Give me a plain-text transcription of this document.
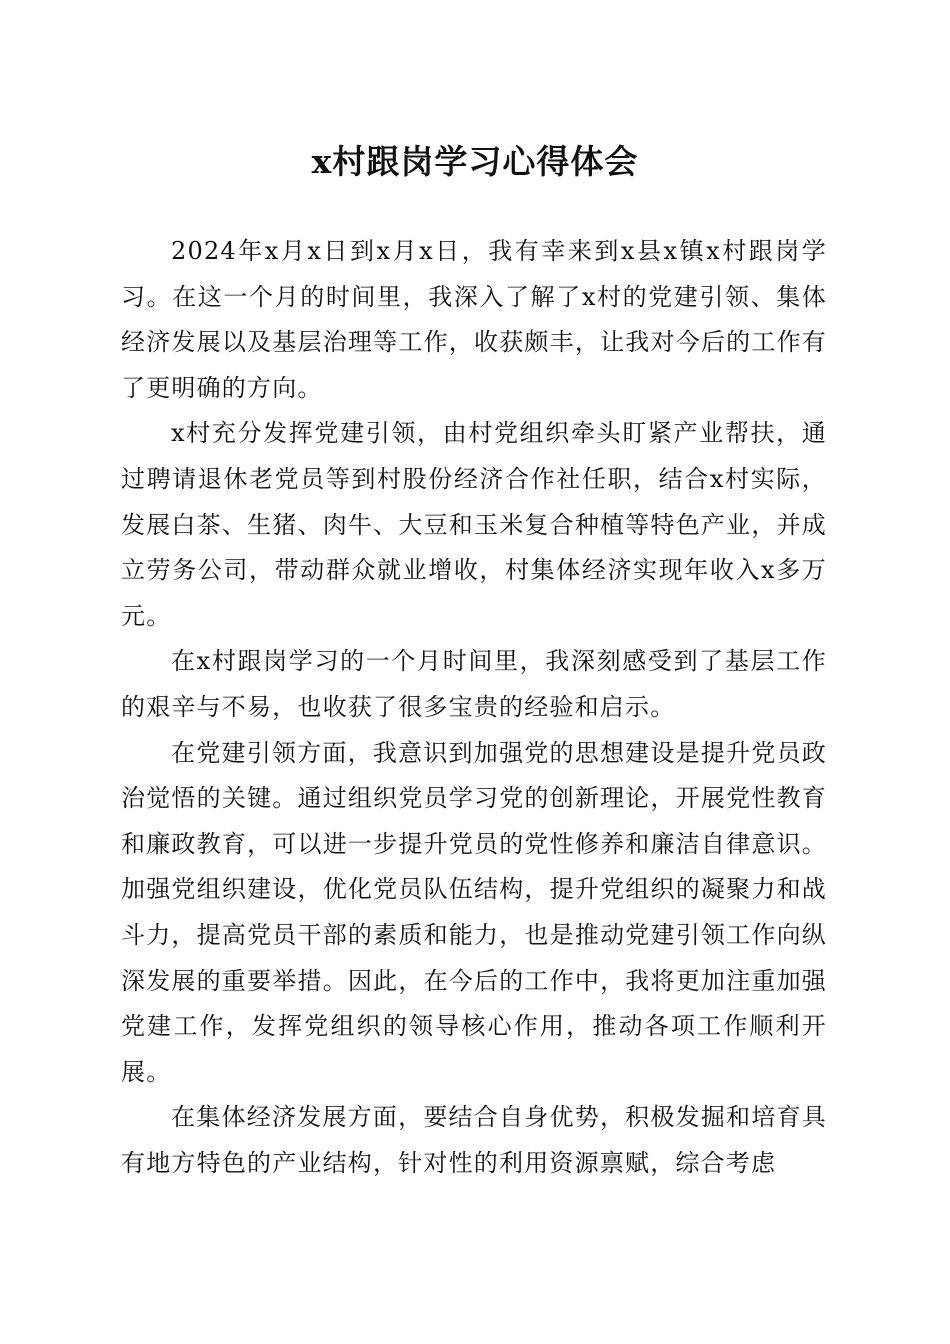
x村跟岗学习心得体会

2024年x月x日到x月x日，我有幸来到x县x镇x村跟岗学习。在这一个月的时间里，我深入了解了x村的党建引领、集体经济发展以及基层治理等工作，收获颇丰，让我对今后的工作有了更明确的方向。

x村充分发挥党建引领，由村党组织牵头盯紧产业帮扶，通过聘请退休老党员等到村股份经济合作社任职，结合x村实际，发展白茶、生猪、肉牛、大豆和玉米复合种植等特色产业，并成立劳务公司，带动群众就业增收，村集体经济实现年收入x多万元。

在x村跟岗学习的一个月时间里，我深刻感受到了基层工作的艰辛与不易，也收获了很多宝贵的经验和启示。

在党建引领方面，我意识到加强党的思想建设是提升党员政治觉悟的关键。通过组织党员学习党的创新理论，开展党性教育和廉政教育，可以进一步提升党员的党性修养和廉洁自律意识。加强党组织建设，优化党员队伍结构，提升党组织的凝聚力和战斗力，提高党员干部的素质和能力，也是推动党建引领工作向纵深发展的重要举措。因此，在今后的工作中，我将更加注重加强党建工作，发挥党组织的领导核心作用，推动各项工作顺利开展。

在集体经济发展方面，要结合自身优势，积极发掘和培育具有地方特色的产业结构，针对性的利用资源禀赋，综合考虑
